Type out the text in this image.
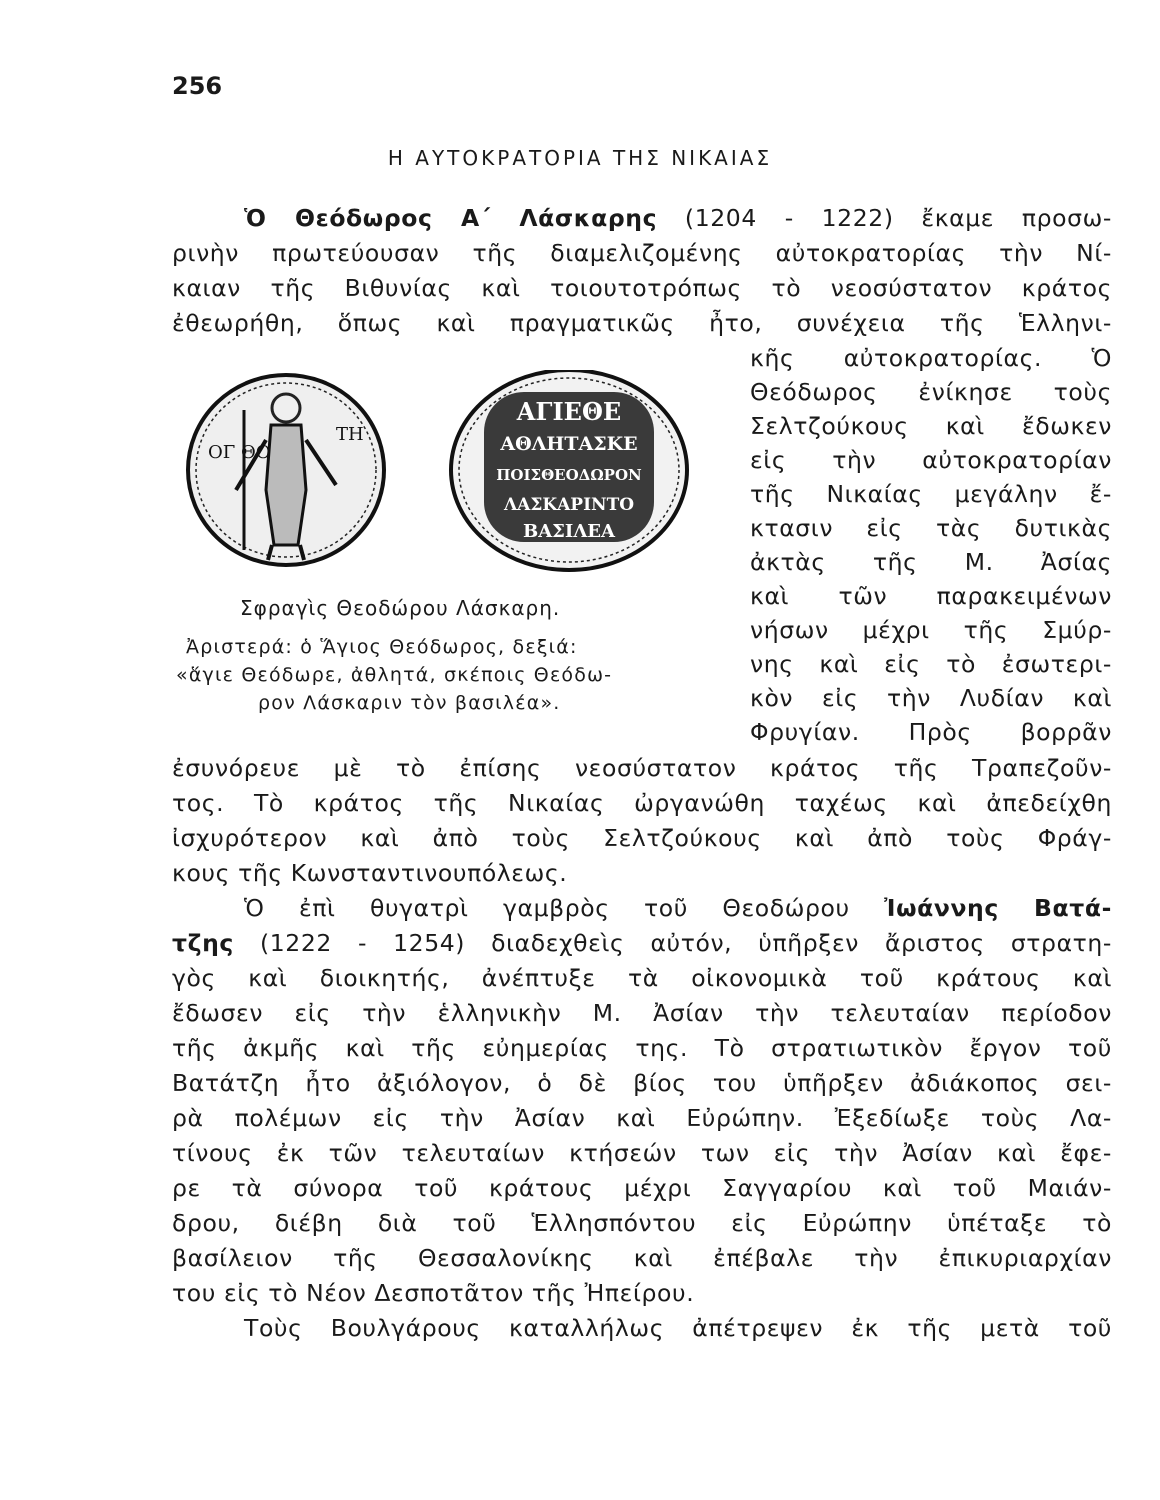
256
Η ΑΥΤΟΚΡΑΤΟΡΙΑ ΤΗΣ ΝΙΚΑΙΑΣ
Ὁ Θεόδωρος Α΄ Λάσκαρης (1204 - 1222) ἔκαμε προσω-
ρινὴν πρωτεύουσαν τῆς διαμελιζομένης αὐτοκρατορίας τὴν Νί-
καιαν τῆς Βιθυνίας καὶ τοιουτοτρόπως τὸ νεοσύστατον κράτος
ἐθεωρήθη, ὅπως καὶ πραγματικῶς ἦτο, συνέχεια τῆς Ἑλληνι-
κῆς αὐτοκρατορίας. Ὁ
Θεόδωρος ἐνίκησε τοὺς
Σελτζούκους καὶ ἔδωκεν
εἰς τὴν αὐτοκρατορίαν
τῆς Νικαίας μεγάλην ἔ-
κτασιν εἰς τὰς δυτικὰς
ἀκτὰς τῆς Μ. Ἀσίας
καὶ τῶν παρακειμένων
νήσων μέχρι τῆς Σμύρ-
νης καὶ εἰς τὸ ἐσωτερι-
κὸν εἰς τὴν Λυδίαν καὶ
Φρυγίαν. Πρὸς βορρᾶν
ἐσυνόρευε μὲ τὸ ἐπίσης νεοσύστατον κράτος τῆς Τραπεζοῦν-
τος. Τὸ κράτος τῆς Νικαίας ὠργανώθη ταχέως καὶ ἀπεδείχθη
ἰσχυρότερον καὶ ἀπὸ τοὺς Σελτζούκους καὶ ἀπὸ τοὺς Φράγ-
κους τῆς Κωνσταντινουπόλεως.
ΟΓ ΘΟ
ΤΗ
ΑΓΙΕΘΕ
ΑΘΛΗΤΑΣΚΕ
ΠΟΙΣΘΕΟΔΩΡΟΝ
ΛΑΣΚΑΡΙΝΤΟ
ΒΑΣΙΛΕΑ
Σφραγὶς Θεοδώρου Λάσκαρη.
Ἀριστερά: ὁ Ἅγιος Θεόδωρος, δεξιά:
«ἅγιε Θεόδωρε, ἀθλητά, σκέποις Θεόδω-
ρον Λάσκαριν τὸν βασιλέα».
Ὁ ἐπὶ θυγατρὶ γαμβρὸς τοῦ Θεοδώρου Ἰωάννης Βατά-
τζης (1222 - 1254) διαδεχθεὶς αὐτόν, ὑπῆρξεν ἄριστος στρατη-
γὸς καὶ διοικητής, ἀνέπτυξε τὰ οἰκονομικὰ τοῦ κράτους καὶ
ἔδωσεν εἰς τὴν ἑλληνικὴν Μ. Ἀσίαν τὴν τελευταίαν περίοδον
τῆς ἀκμῆς καὶ τῆς εὐημερίας της. Τὸ στρατιωτικὸν ἔργον τοῦ
Βατάτζη ἦτο ἀξιόλογον, ὁ δὲ βίος του ὑπῆρξεν ἀδιάκοπος σει-
ρὰ πολέμων εἰς τὴν Ἀσίαν καὶ Εὐρώπην. Ἐξεδίωξε τοὺς Λα-
τίνους ἐκ τῶν τελευταίων κτήσεών των εἰς τὴν Ἀσίαν καὶ ἔφε-
ρε τὰ σύνορα τοῦ κράτους μέχρι Σαγγαρίου καὶ τοῦ Μαιάν-
δρου, διέβη διὰ τοῦ Ἑλλησπόντου εἰς Εὐρώπην ὑπέταξε τὸ
βασίλειον τῆς Θεσσαλονίκης καὶ ἐπέβαλε τὴν ἐπικυριαρχίαν
του εἰς τὸ Νέον Δεσποτᾶτον τῆς Ἠπείρου.
Τοὺς Βουλγάρους καταλλήλως ἀπέτρεψεν ἐκ τῆς μετὰ τοῦ
